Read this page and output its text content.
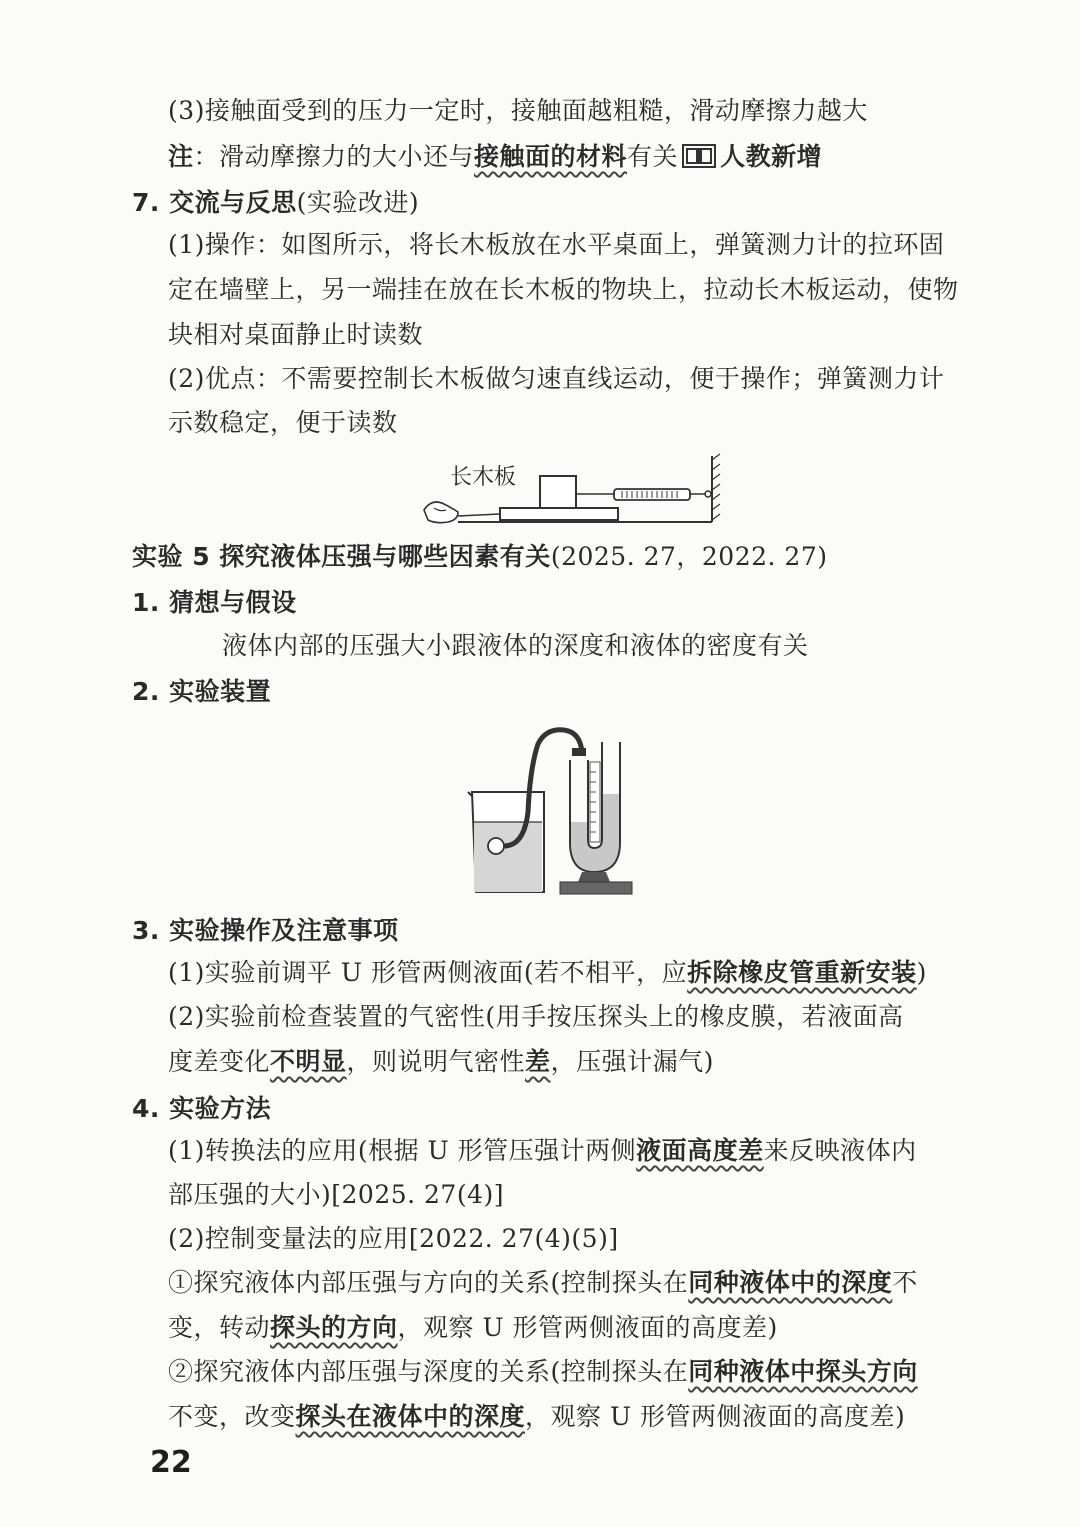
(3)接触面受到的压力一定时，接触面越粗糙，滑动摩擦力越大
注：滑动摩擦力的大小还与接触面的材料有关 人教新增
7. 交流与反思(实验改进)
(1)操作：如图所示，将长木板放在水平桌面上，弹簧测力计的拉环固
定在墙壁上，另一端挂在放在长木板的物块上，拉动长木板运动，使物
块相对桌面静止时读数
(2)优点：不需要控制长木板做匀速直线运动，便于操作；弹簧测力计
示数稳定，便于读数
长木板
实验 5 探究液体压强与哪些因素有关(2025. 27，2022. 27)
1. 猜想与假设
液体内部的压强大小跟液体的深度和液体的密度有关
2. 实验装置
3. 实验操作及注意事项
(1)实验前调平 U 形管两侧液面(若不相平，应拆除橡皮管重新安装)
(2)实验前检查装置的气密性(用手按压探头上的橡皮膜，若液面高
度差变化不明显，则说明气密性差，压强计漏气)
4. 实验方法
(1)转换法的应用(根据 U 形管压强计两侧液面高度差来反映液体内
部压强的大小)[2025. 27(4)]
(2)控制变量法的应用[2022. 27(4)(5)]
①探究液体内部压强与方向的关系(控制探头在同种液体中的深度不
变，转动探头的方向，观察 U 形管两侧液面的高度差)
②探究液体内部压强与深度的关系(控制探头在同种液体中探头方向
不变，改变探头在液体中的深度，观察 U 形管两侧液面的高度差)
22
